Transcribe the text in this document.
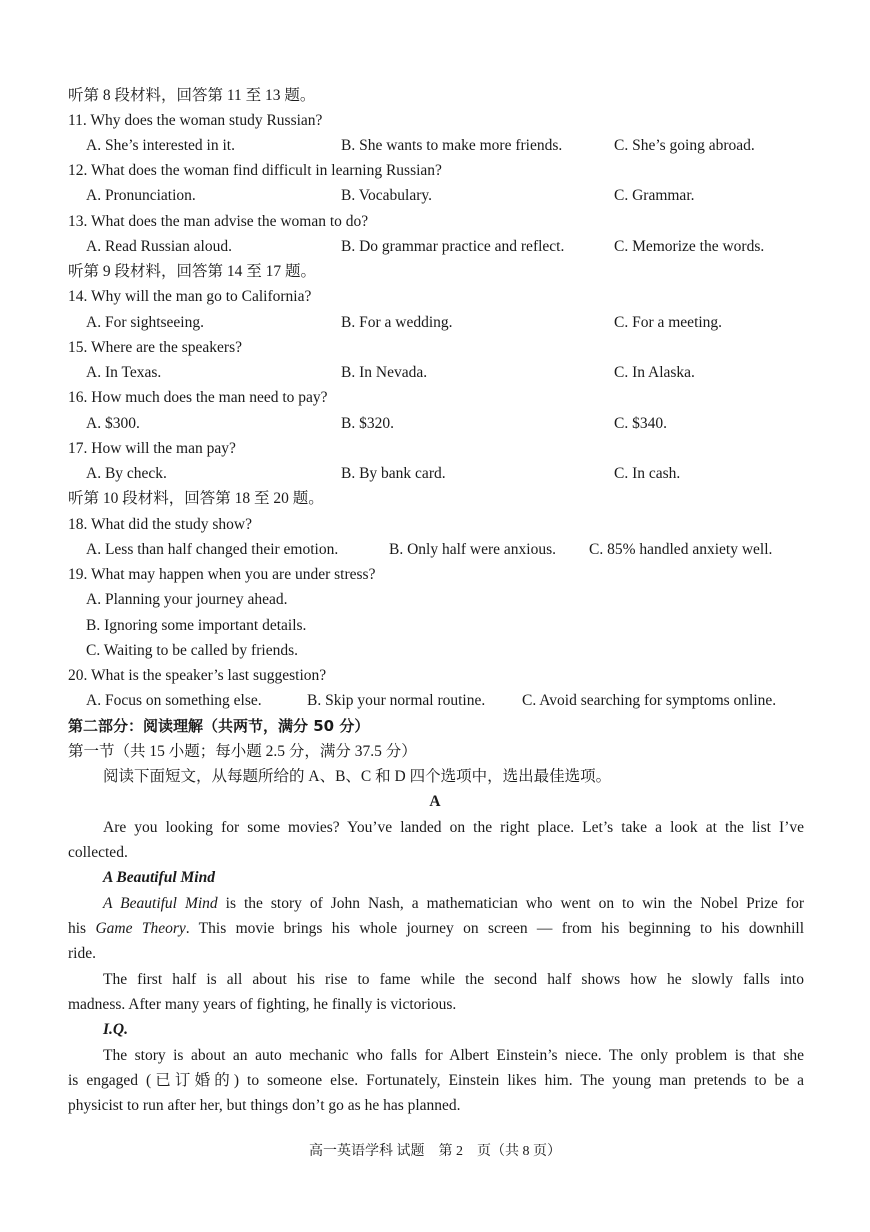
听第 8 段材料，回答第 11 至 13 题。
11. Why does the woman study Russian?
A. She’s interested in it.	B. She wants to make more friends.	C. She’s going abroad.
12. What does the woman find difficult in learning Russian?
A. Pronunciation.	B. Vocabulary.	C. Grammar.
13. What does the man advise the woman to do?
A. Read Russian aloud.	B. Do grammar practice and reflect.	C. Memorize the words.
听第 9 段材料，回答第 14 至 17 题。
14. Why will the man go to California?
A. For sightseeing.	B. For a wedding.	C. For a meeting.
15. Where are the speakers?
A. In Texas.	B. In Nevada.	C. In Alaska.
16. How much does the man need to pay?
A. $300.	B. $320.	C. $340.
17. How will the man pay?
A. By check.	B. By bank card.	C. In cash.
听第 10 段材料，回答第 18 至 20 题。
18. What did the study show?
A. Less than half changed their emotion.	B. Only half were anxious. C. 85% handled anxiety well.
19. What may happen when you are under stress?
A. Planning your journey ahead.
B. Ignoring some important details.
C. Waiting to be called by friends.
20. What is the speaker’s last suggestion?
A. Focus on something else.	B. Skip your normal routine. C. Avoid searching for symptoms online.
第二部分：阅读理解（共两节，满分 50 分）
第一节（共 15 小题；每小题 2.5 分，满分 37.5 分）
阅读下面短文，从每题所给的 A、B、C 和 D 四个选项中，选出最佳选项。
A
Are you looking for some movies? You’ve landed on the right place. Let’s take a look at the list I’ve
collected.
A Beautiful Mind
A Beautiful Mind is the story of John Nash, a mathematician who went on to win the Nobel Prize for
his Game Theory. This movie brings his whole journey on screen — from his beginning to his downhill
ride.
The first half is all about his rise to fame while the second half shows how he slowly falls into
madness. After many years of fighting, he finally is victorious.
I.Q.
The story is about an auto mechanic who falls for Albert Einstein’s niece. The only problem is that she
is engaged (已订婚的) to someone else. Fortunately, Einstein likes him. The young man pretends to be a
physicist to run after her, but things don’t go as he has planned.
高一英语学科 试题　第 2　页（共 8 页）
